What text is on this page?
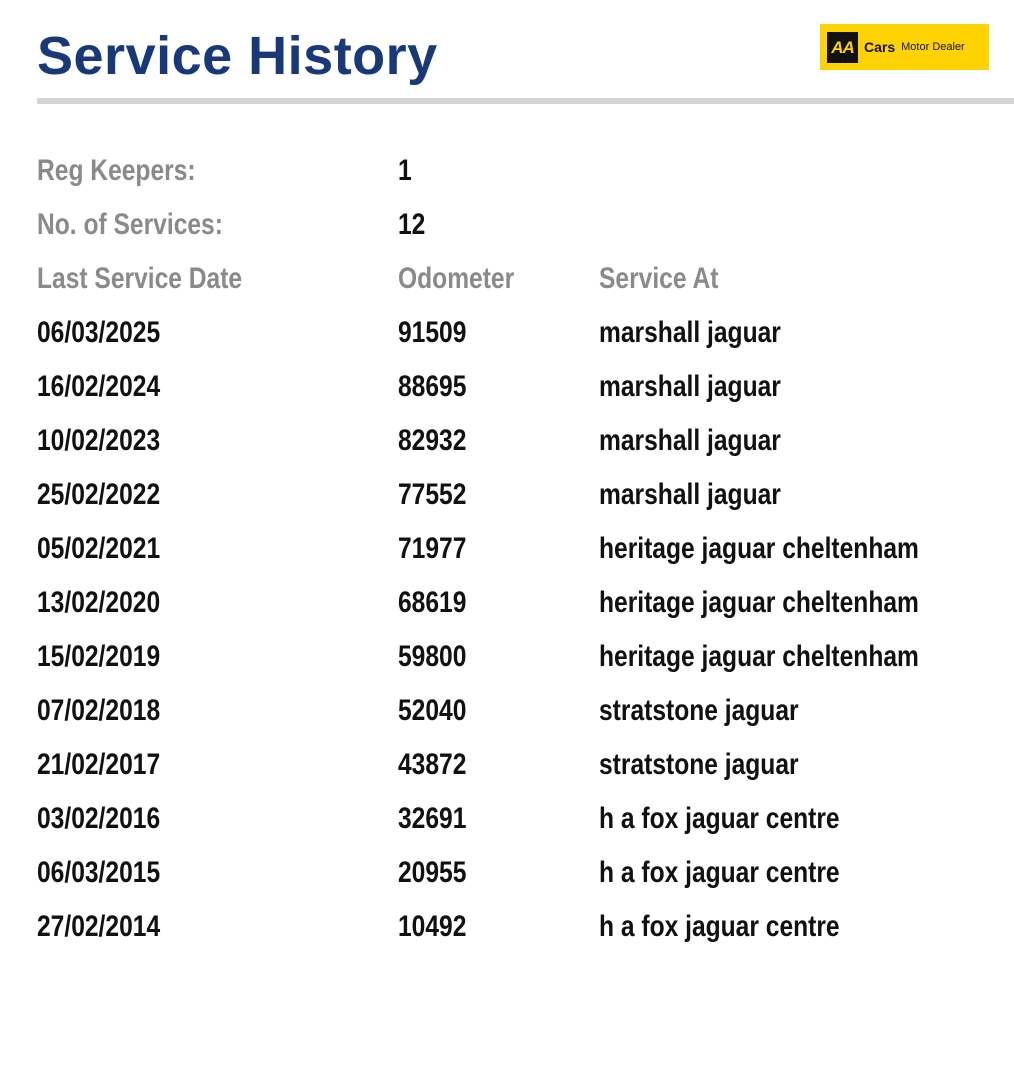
Service History	AA Cars Motor Dealer
Reg Keepers:	1
No. of Services:	12
Last Service Date	Odometer	Service At
06/03/2025	91509	marshall jaguar
16/02/2024	88695	marshall jaguar
10/02/2023	82932	marshall jaguar
25/02/2022	77552	marshall jaguar
05/02/2021	71977	heritage jaguar cheltenham
13/02/2020	68619	heritage jaguar cheltenham
15/02/2019	59800	heritage jaguar cheltenham
07/02/2018	52040	stratstone jaguar
21/02/2017	43872	stratstone jaguar
03/02/2016	32691	h a fox jaguar centre
06/03/2015	20955	h a fox jaguar centre
27/02/2014	10492	h a fox jaguar centre
